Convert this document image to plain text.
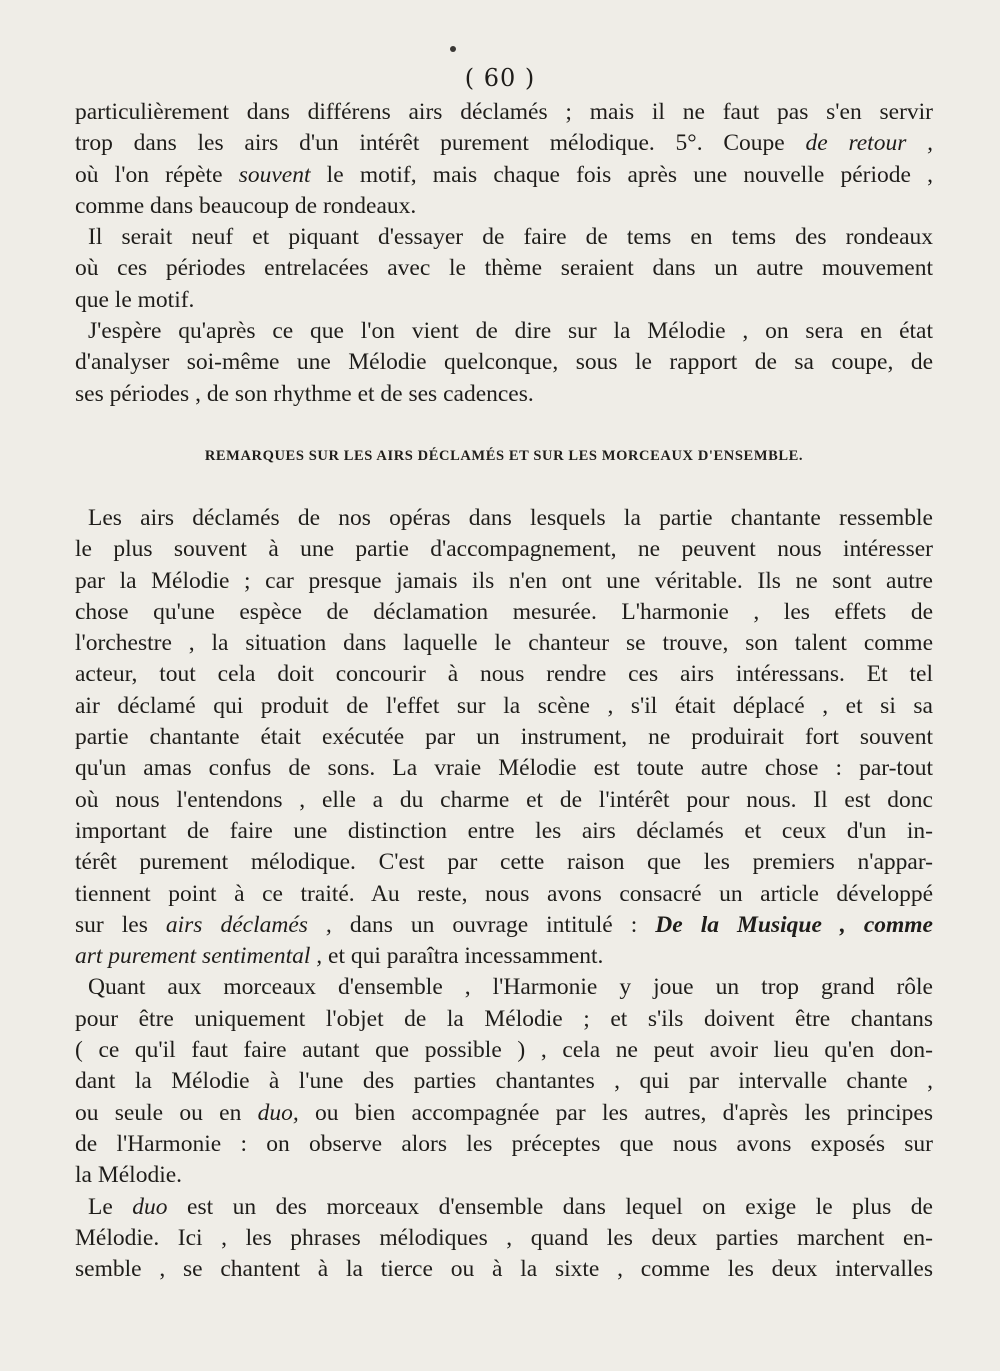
( 60 )
particulièrement dans différens airs déclamés ; mais il ne faut pas s'en servir
trop dans les airs d'un intérêt purement mélodique. 5°. Coupe de retour ,
où l'on répète souvent le motif, mais chaque fois après une nouvelle période ,
comme dans beaucoup de rondeaux.
Il serait neuf et piquant d'essayer de faire de tems en tems des rondeaux
où ces périodes entrelacées avec le thème seraient dans un autre mouvement
que le motif.
J'espère qu'après ce que l'on vient de dire sur la Mélodie , on sera en état
d'analyser soi-même une Mélodie quelconque, sous le rapport de sa coupe, de
ses périodes , de son rhythme et de ses cadences.
REMARQUES SUR LES AIRS DÉCLAMÉS ET SUR LES MORCEAUX D'ENSEMBLE.
Les airs déclamés de nos opéras dans lesquels la partie chantante ressemble
le plus souvent à une partie d'accompagnement, ne peuvent nous intéresser
par la Mélodie ; car presque jamais ils n'en ont une véritable. Ils ne sont autre
chose qu'une espèce de déclamation mesurée. L'harmonie , les effets de
l'orchestre , la situation dans laquelle le chanteur se trouve, son talent comme
acteur, tout cela doit concourir à nous rendre ces airs intéressans. Et tel
air déclamé qui produit de l'effet sur la scène , s'il était déplacé , et si sa
partie chantante était exécutée par un instrument, ne produirait fort souvent
qu'un amas confus de sons. La vraie Mélodie est toute autre chose : par-tout
où nous l'entendons , elle a du charme et de l'intérêt pour nous. Il est donc
important de faire une distinction entre les airs déclamés et ceux d'un in-
térêt purement mélodique. C'est par cette raison que les premiers n'appar-
tiennent point à ce traité. Au reste, nous avons consacré un article développé
sur les airs déclamés , dans un ouvrage intitulé : De la Musique , comme
art purement sentimental , et qui paraîtra incessamment.
Quant aux morceaux d'ensemble , l'Harmonie y joue un trop grand rôle
pour être uniquement l'objet de la Mélodie ; et s'ils doivent être chantans
( ce qu'il faut faire autant que possible ) , cela ne peut avoir lieu qu'en don-
dant la Mélodie à l'une des parties chantantes , qui par intervalle chante ,
ou seule ou en duo, ou bien accompagnée par les autres, d'après les principes
de l'Harmonie : on observe alors les préceptes que nous avons exposés sur
la Mélodie.
Le duo est un des morceaux d'ensemble dans lequel on exige le plus de
Mélodie. Ici , les phrases mélodiques , quand les deux parties marchent en-
semble , se chantent à la tierce ou à la sixte , comme les deux intervalles
